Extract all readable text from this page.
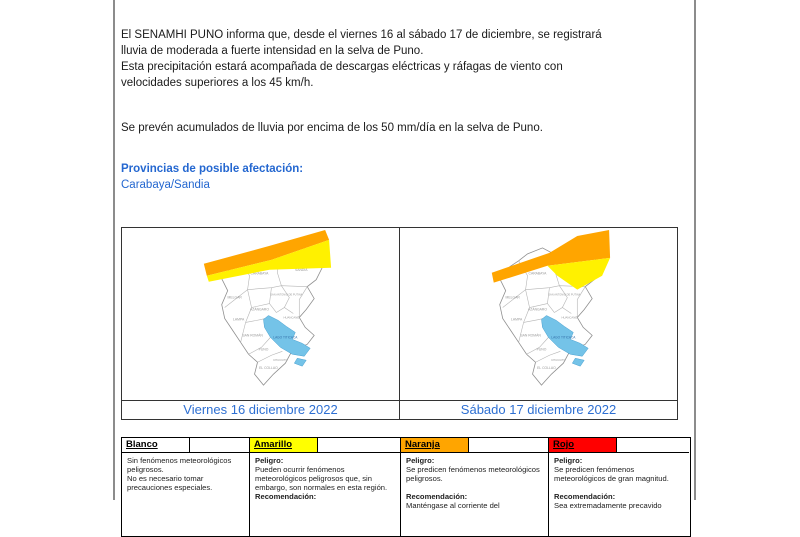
El SENAMHI PUNO informa que, desde el viernes 16 al sábado 17 de diciembre, se registrará
lluvia de moderada a fuerte intensidad en la selva de Puno.
Esta precipitación estará acompañada de descargas eléctricas y ráfagas de viento con
velocidades superiores a los 45 km/h.
Se prevén acumulados de lluvia por encima de los 50 mm/día en la selva de Puno.
Provincias de posible afectación:
Carabaya/Sandia
Viernes 16 diciembre 2022	Sábado 17 diciembre 2022
Blanco
Sin fenómenos meteorológicos peligrosos.
No es necesario tomar precauciones especiales.
Amarillo
Peligro:
Pueden ocurrir fenómenos meteorológicos peligrosos que, sin embargo, son normales en esta región.
Recomendación:
Naranja
Peligro:
Se predicen fenómenos meteorológicos peligrosos.
Recomendación:
Manténgase al corriente del
Rojo
Peligro:
Se predicen fenómenos meteorológicos de gran magnitud.
Recomendación:
Sea extremadamente precavido
